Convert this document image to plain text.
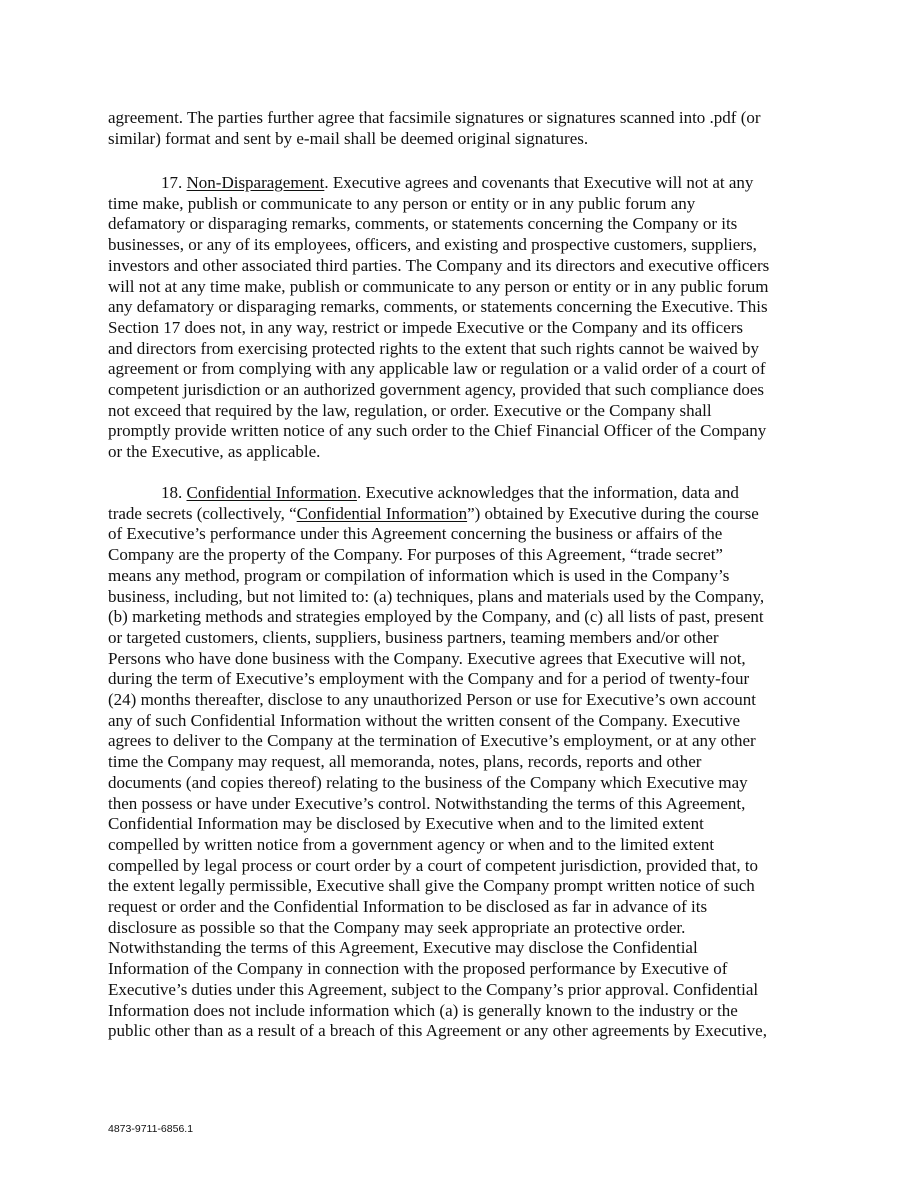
agreement. The parties further agree that facsimile signatures or signatures scanned into .pdf (or
similar) format and sent by e-mail shall be deemed original signatures.
17. Non-Disparagement. Executive agrees and covenants that Executive will not at any
time make, publish or communicate to any person or entity or in any public forum any
defamatory or disparaging remarks, comments, or statements concerning the Company or its
businesses, or any of its employees, officers, and existing and prospective customers, suppliers,
investors and other associated third parties. The Company and its directors and executive officers
will not at any time make, publish or communicate to any person or entity or in any public forum
any defamatory or disparaging remarks, comments, or statements concerning the Executive. This
Section 17 does not, in any way, restrict or impede Executive or the Company and its officers
and directors from exercising protected rights to the extent that such rights cannot be waived by
agreement or from complying with any applicable law or regulation or a valid order of a court of
competent jurisdiction or an authorized government agency, provided that such compliance does
not exceed that required by the law, regulation, or order. Executive or the Company shall
promptly provide written notice of any such order to the Chief Financial Officer of the Company
or the Executive, as applicable.
18. Confidential Information. Executive acknowledges that the information, data and
trade secrets (collectively, “Confidential Information”) obtained by Executive during the course
of Executive’s performance under this Agreement concerning the business or affairs of the
Company are the property of the Company. For purposes of this Agreement, “trade secret”
means any method, program or compilation of information which is used in the Company’s
business, including, but not limited to: (a) techniques, plans and materials used by the Company,
(b) marketing methods and strategies employed by the Company, and (c) all lists of past, present
or targeted customers, clients, suppliers, business partners, teaming members and/or other
Persons who have done business with the Company. Executive agrees that Executive will not,
during the term of Executive’s employment with the Company and for a period of twenty-four
(24) months thereafter, disclose to any unauthorized Person or use for Executive’s own account
any of such Confidential Information without the written consent of the Company. Executive
agrees to deliver to the Company at the termination of Executive’s employment, or at any other
time the Company may request, all memoranda, notes, plans, records, reports and other
documents (and copies thereof) relating to the business of the Company which Executive may
then possess or have under Executive’s control. Notwithstanding the terms of this Agreement,
Confidential Information may be disclosed by Executive when and to the limited extent
compelled by written notice from a government agency or when and to the limited extent
compelled by legal process or court order by a court of competent jurisdiction, provided that, to
the extent legally permissible, Executive shall give the Company prompt written notice of such
request or order and the Confidential Information to be disclosed as far in advance of its
disclosure as possible so that the Company may seek appropriate an protective order.
Notwithstanding the terms of this Agreement, Executive may disclose the Confidential
Information of the Company in connection with the proposed performance by Executive of
Executive’s duties under this Agreement, subject to the Company’s prior approval. Confidential
Information does not include information which (a) is generally known to the industry or the
public other than as a result of a breach of this Agreement or any other agreements by Executive,
4873-9711-6856.1
